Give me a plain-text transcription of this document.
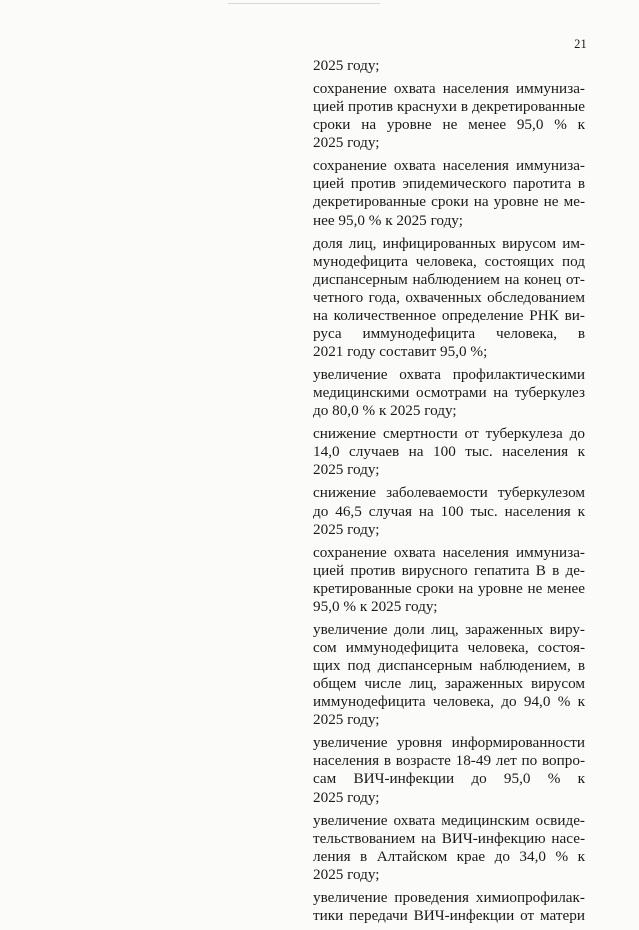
21
2025 году;
сохранение охвата населения иммуниза-
цией против краснухи в декретированные
сроки на уровне не менее 95,0 % к
2025 году;
сохранение охвата населения иммуниза-
цией против эпидемического паротита в
декретированные сроки на уровне не ме-
нее 95,0 % к 2025 году;
доля лиц, инфицированных вирусом им-
мунодефицита человека, состоящих под
диспансерным наблюдением на конец от-
четного года, охваченных обследованием
на количественное определение РНК ви-
руса иммунодефицита человека, в
2021 году составит 95,0 %;
увеличение охвата профилактическими
медицинскими осмотрами на туберкулез
до 80,0 % к 2025 году;
снижение смертности от туберкулеза до
14,0 случаев на 100 тыс. населения к
2025 году;
снижение заболеваемости туберкулезом
до 46,5 случая на 100 тыс. населения к
2025 году;
сохранение охвата населения иммуниза-
цией против вирусного гепатита В в де-
кретированные сроки на уровне не менее
95,0 % к 2025 году;
увеличение доли лиц, зараженных виру-
сом иммунодефицита человека, состоя-
щих под диспансерным наблюдением, в
общем числе лиц, зараженных вирусом
иммунодефицита человека, до 94,0 % к
2025 году;
увеличение уровня информированности
населения в возрасте 18-49 лет по вопро-
сам ВИЧ-инфекции до 95,0 % к
2025 году;
увеличение охвата медицинским освиде-
тельствованием на ВИЧ-инфекцию насе-
ления в Алтайском крае до 34,0 % к
2025 году;
увеличение проведения химиопрофилак-
тики передачи ВИЧ-инфекции от матери
